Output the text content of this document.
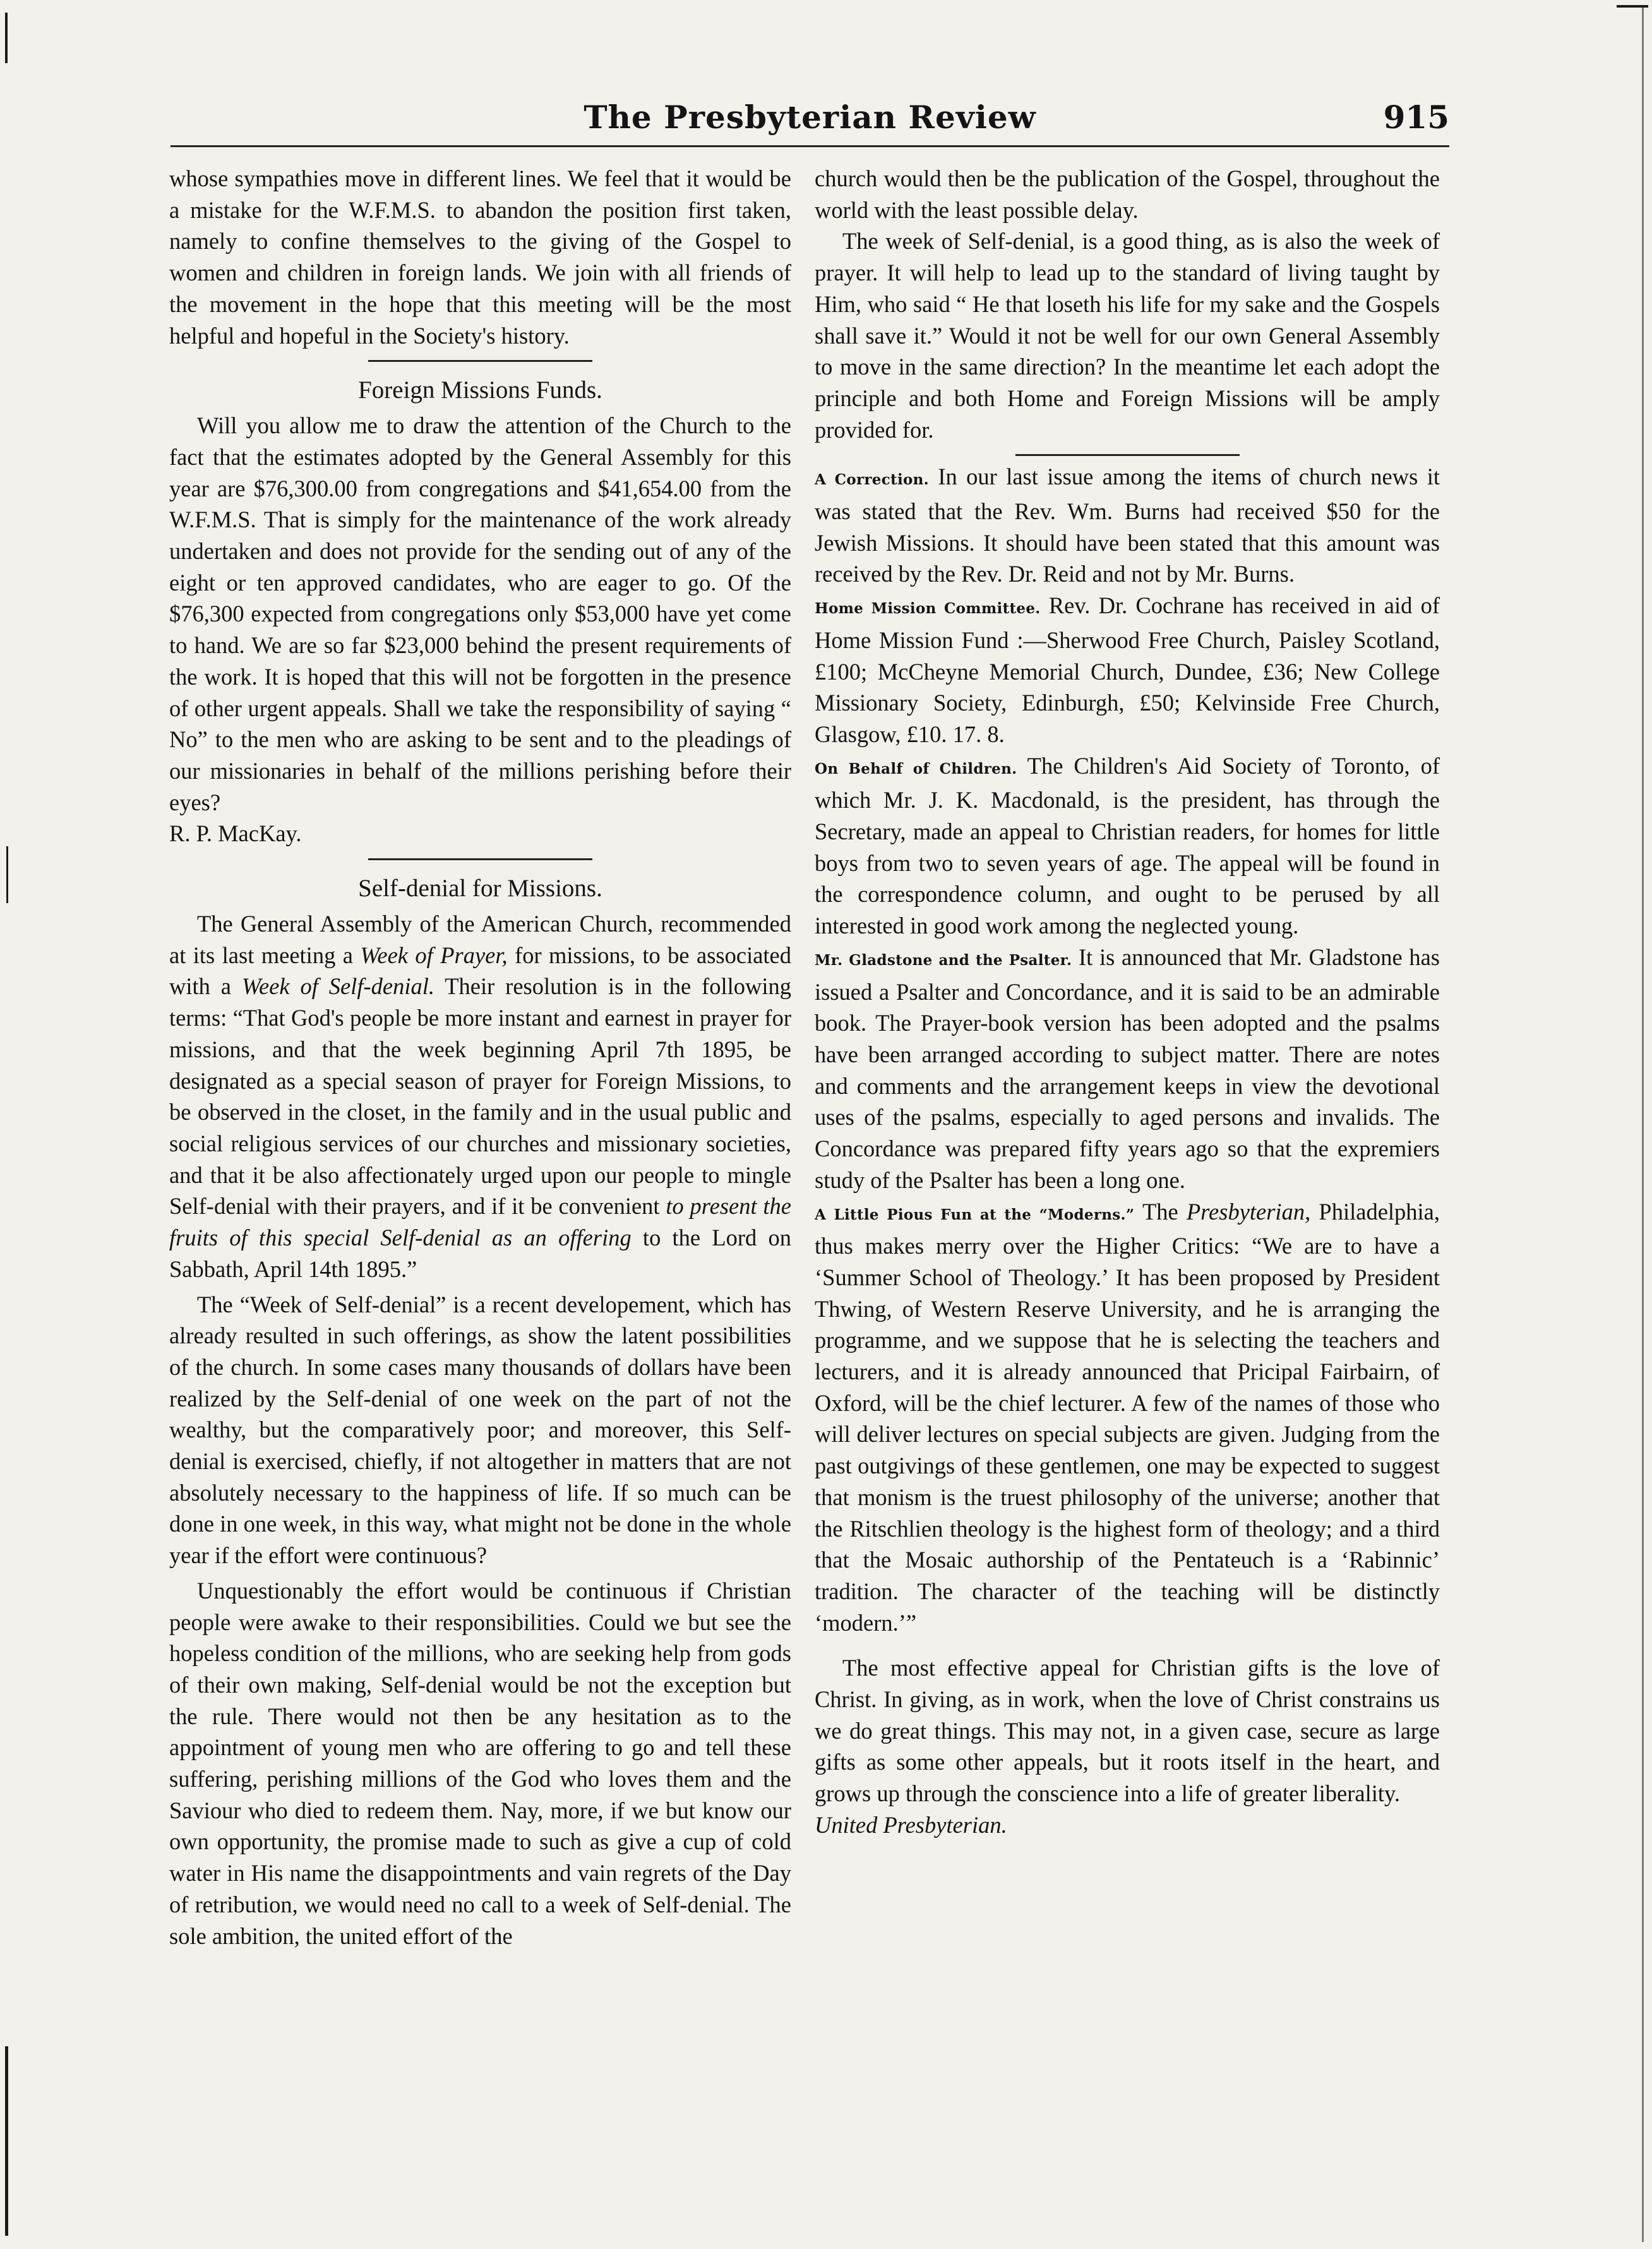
The Presbyterian Review	915

whose sympathies move in different lines. We feel that it would be a mistake for the W.F.M.S. to abandon the position first taken, namely to confine themselves to the giving of the Gospel to women and children in foreign lands. We join with all friends of the movement in the hope that this meeting will be the most helpful and hopeful in the Society's history.

Foreign Missions Funds.

Will you allow me to draw the attention of the Church to the fact that the estimates adopted by the General Assembly for this year are $76,300.00 from congregations and $41,654.00 from the W.F.M.S. That is simply for the maintenance of the work already undertaken and does not provide for the sending out of any of the eight or ten approved candidates, who are eager to go. Of the $76,300 expected from congregations only $53,000 have yet come to hand. We are so far $23,000 behind the present requirements of the work. It is hoped that this will not be forgotten in the presence of other urgent appeals. Shall we take the responsibility of saying “ No” to the men who are asking to be sent and to the pleadings of our missionaries in behalf of the millions perishing before their eyes?

R. P. MacKay.

Self-denial for Missions.

The General Assembly of the American Church, recommended at its last meeting a Week of Prayer, for missions, to be associated with a Week of Self-denial. Their resolution is in the following terms: “That God's people be more instant and earnest in prayer for missions, and that the week beginning April 7th 1895, be designated as a special season of prayer for Foreign Missions, to be observed in the closet, in the family and in the usual public and social religious services of our churches and missionary societies, and that it be also affectionately urged upon our people to mingle Self-denial with their prayers, and if it be convenient to present the fruits of this special Self-denial as an offering to the Lord on Sabbath, April 14th 1895.”

The “Week of Self-denial” is a recent developement, which has already resulted in such offerings, as show the latent possibilities of the church. In some cases many thousands of dollars have been realized by the Self-denial of one week on the part of not the wealthy, but the comparatively poor; and moreover, this Self-denial is exercised, chiefly, if not altogether in matters that are not absolutely necessary to the happiness of life. If so much can be done in one week, in this way, what might not be done in the whole year if the effort were continuous?

Unquestionably the effort would be continuous if Christian people were awake to their responsibilities. Could we but see the hopeless condition of the millions, who are seeking help from gods of their own making, Self-denial would be not the exception but the rule. There would not then be any hesitation as to the appointment of young men who are offering to go and tell these suffering, perishing millions of the God who loves them and the Saviour who died to redeem them. Nay, more, if we but know our own opportunity, the promise made to such as give a cup of cold water in His name the disappointments and vain regrets of the Day of retribution, we would need no call to a week of Self-denial. The sole ambition, the united effort of the

church would then be the publication of the Gospel, throughout the world with the least possible delay.

The week of Self-denial, is a good thing, as is also the week of prayer. It will help to lead up to the standard of living taught by Him, who said “ He that loseth his life for my sake and the Gospels shall save it.” Would it not be well for our own General Assembly to move in the same direction? In the meantime let each adopt the principle and both Home and Foreign Missions will be amply provided for.

A Correction. In our last issue among the items of church news it was stated that the Rev. Wm. Burns had received $50 for the Jewish Missions. It should have been stated that this amount was received by the Rev. Dr. Reid and not by Mr. Burns.

Home Mission Committee. Rev. Dr. Cochrane has received in aid of Home Mission Fund :—Sherwood Free Church, Paisley Scotland, £100; McCheyne Memorial Church, Dundee, £36; New College Missionary Society, Edinburgh, £50; Kelvinside Free Church, Glasgow, £10. 17. 8.

On Behalf of Children. The Children's Aid Society of Toronto, of which Mr. J. K. Macdonald, is the president, has through the Secretary, made an appeal to Christian readers, for homes for little boys from two to seven years of age. The appeal will be found in the correspondence column, and ought to be perused by all interested in good work among the neglected young.

Mr. Gladstone and the Psalter. It is announced that Mr. Gladstone has issued a Psalter and Concordance, and it is said to be an admirable book. The Prayer-book version has been adopted and the psalms have been arranged according to subject matter. There are notes and comments and the arrangement keeps in view the devotional uses of the psalms, especially to aged persons and invalids. The Concordance was prepared fifty years ago so that the expremiers study of the Psalter has been a long one.

A Little Pious Fun at the “Moderns.” The Presbyterian, Philadelphia, thus makes merry over the Higher Critics: “We are to have a ‘Summer School of Theology.’ It has been proposed by President Thwing, of Western Reserve University, and he is arranging the programme, and we suppose that he is selecting the teachers and lecturers, and it is already announced that Pricipal Fairbairn, of Oxford, will be the chief lecturer. A few of the names of those who will deliver lectures on special subjects are given. Judging from the past outgivings of these gentlemen, one may be expected to suggest that monism is the truest philosophy of the universe; another that the Ritschlien theology is the highest form of theology; and a third that the Mosaic authorship of the Pentateuch is a ‘Rabinnic’ tradition. The character of the teaching will be distinctly ‘modern.’”

The most effective appeal for Christian gifts is the love of Christ. In giving, as in work, when the love of Christ constrains us we do great things. This may not, in a given case, secure as large gifts as some other appeals, but it roots itself in the heart, and grows up through the conscience into a life of greater liberality.

United Presbyterian.
